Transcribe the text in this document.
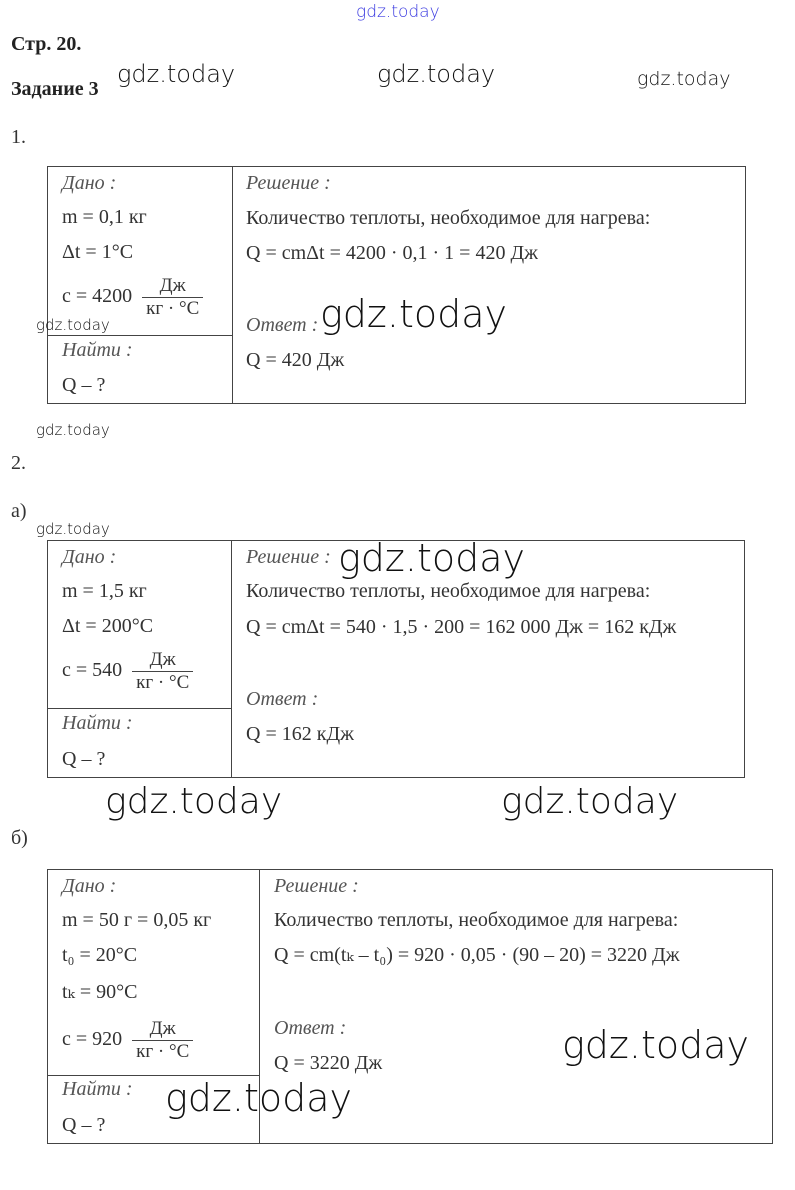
gdz.today
Стр. 20.
Задание 3
gdz.today	gdz.today	gdz.today
1.
Дано :
m = 0,1 кг
Δt = 1°C
$c = 4200 \frac{Дж}{кг \cdot ^\circ C}$
Найти :
Q – ?
Решение :
Количество теплоты, необходимое для нагрева:
Q = cmΔt = 4200 · 0,1 · 1 = 420 Дж
Ответ :
Q = 420 Дж
gdz.today
gdz.today
gdz.today
2.
а)
gdz.today
Дано :
m = 1,5 кг
Δt = 200°C
$c = 540 \frac{Дж}{кг \cdot ^\circ C}$
Найти :
Q – ?
Решение :
Количество теплоты, необходимое для нагрева:
Q = cmΔt = 540 · 1,5 · 200 = 162 000 Дж = 162 кДж
Ответ :
Q = 162 кДж
gdz.today
gdz.today	gdz.today
б)
Дано :
m = 50 г = 0,05 кг
t₀ = 20°C
tₖ = 90°C
$c = 920 \frac{Дж}{кг \cdot ^\circ C}$
Найти :
Q – ?
Решение :
Количество теплоты, необходимое для нагрева:
Q = cm(tₖ – t₀) = 920 · 0,05 · (90 – 20) = 3220 Дж
Ответ :
Q = 3220 Дж	gdz.today
gdz.today
